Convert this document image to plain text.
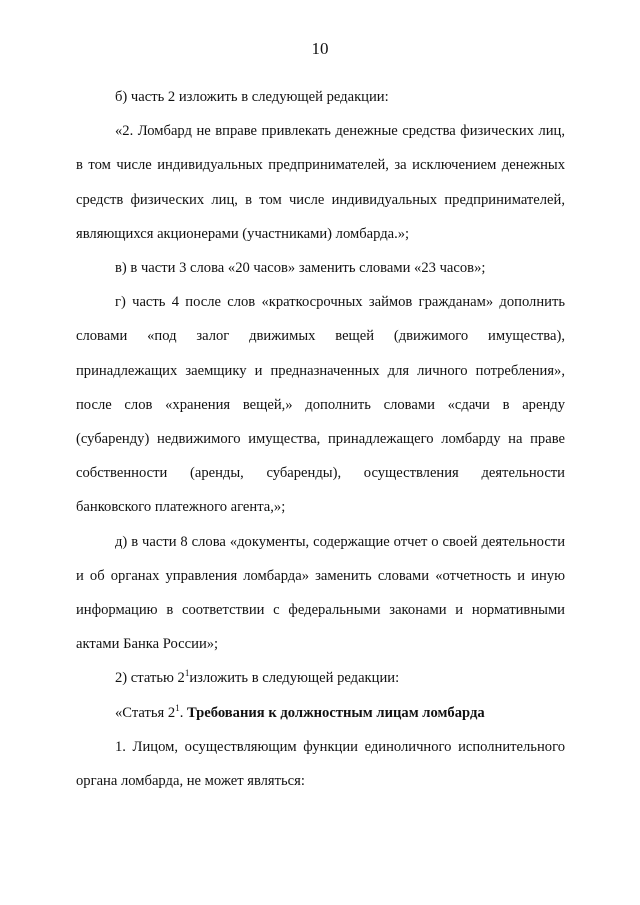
10

б) часть 2 изложить в следующей редакции:

«2. Ломбард не вправе привлекать денежные средства физических лиц, в том числе индивидуальных предпринимателей, за исключением денежных средств физических лиц, в том числе индивидуальных предпринимателей, являющихся акционерами (участниками) ломбарда.»;

в) в части 3 слова «20 часов» заменить словами «23 часов»;

г) часть 4 после слов «краткосрочных займов гражданам» дополнить словами «под залог движимых вещей (движимого имущества), принадлежащих заемщику и предназначенных для личного потребления», после слов «хранения вещей,» дополнить словами «сдачи в аренду (субаренду) недвижимого имущества, принадлежащего ломбарду на праве собственности (аренды, субаренды), осуществления деятельности банковского платежного агента,»;

д) в части 8 слова «документы, содержащие отчет о своей деятельности и об органах управления ломбарда» заменить словами «отчетность и иную информацию в соответствии с федеральными законами и нормативными актами Банка России»;

2) статью $2^1изложить$ в следующей редакции:

«Статья $2^1$. Требования к должностным лицам ломбарда

1. Лицом, осуществляющим функции единоличного исполнительного органа ломбарда, не может являться:
